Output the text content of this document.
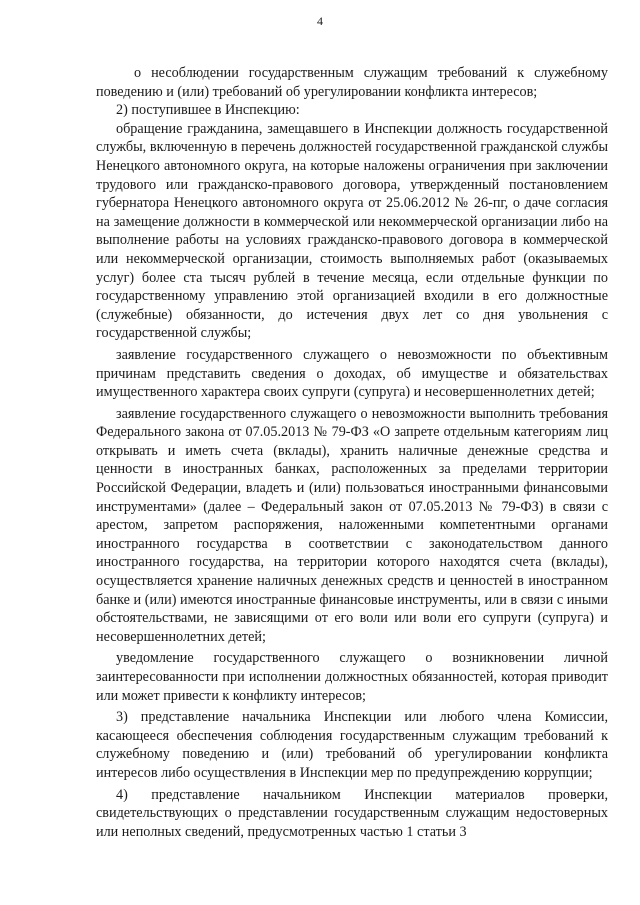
4

о несоблюдении государственным служащим требований к служебному поведению и (или) требований об урегулировании конфликта интересов;

2) поступившее в Инспекцию:

обращение гражданина, замещавшего в Инспекции должность государственной службы, включенную в перечень должностей государственной гражданской службы Ненецкого автономного округа, на которые наложены ограничения при заключении трудового или гражданско-правового договора, утвержденный постановлением губернатора Ненецкого автономного округа от 25.06.2012 № 26-пг, о даче согласия на замещение должности в коммерческой или некоммерческой организации либо на выполнение работы на условиях гражданско-правового договора в коммерческой или некоммерческой организации, стоимость выполняемых работ (оказываемых услуг) более ста тысяч рублей в течение месяца, если отдельные функции по государственному управлению этой организацией входили в его должностные (служебные) обязанности, до истечения двух лет со дня увольнения с государственной службы;

заявление государственного служащего о невозможности по объективным причинам представить сведения о доходах, об имуществе и обязательствах имущественного характера своих супруги (супруга) и несовершеннолетних детей;

заявление государственного служащего о невозможности выполнить требования Федерального закона от 07.05.2013 № 79-ФЗ «О запрете отдельным категориям лиц открывать и иметь счета (вклады), хранить наличные денежные средства и ценности в иностранных банках, расположенных за пределами территории Российской Федерации, владеть и (или) пользоваться иностранными финансовыми инструментами» (далее – Федеральный закон от 07.05.2013 № 79-ФЗ) в связи с арестом, запретом распоряжения, наложенными компетентными органами иностранного государства в соответствии с законодательством данного иностранного государства, на территории которого находятся счета (вклады), осуществляется хранение наличных денежных средств и ценностей в иностранном банке и (или) имеются иностранные финансовые инструменты, или в связи с иными обстоятельствами, не зависящими от его воли или воли его супруги (супруга) и несовершеннолетних детей;

уведомление государственного служащего о возникновении личной заинтересованности при исполнении должностных обязанностей, которая приводит или может привести к конфликту интересов;

3) представление начальника Инспекции или любого члена Комиссии, касающееся обеспечения соблюдения государственным служащим требований к служебному поведению и (или) требований об урегулировании конфликта интересов либо осуществления в Инспекции мер по предупреждению коррупции;

4) представление начальником Инспекции материалов проверки, свидетельствующих о представлении государственным служащим недостоверных или неполных сведений, предусмотренных частью 1 статьи 3
